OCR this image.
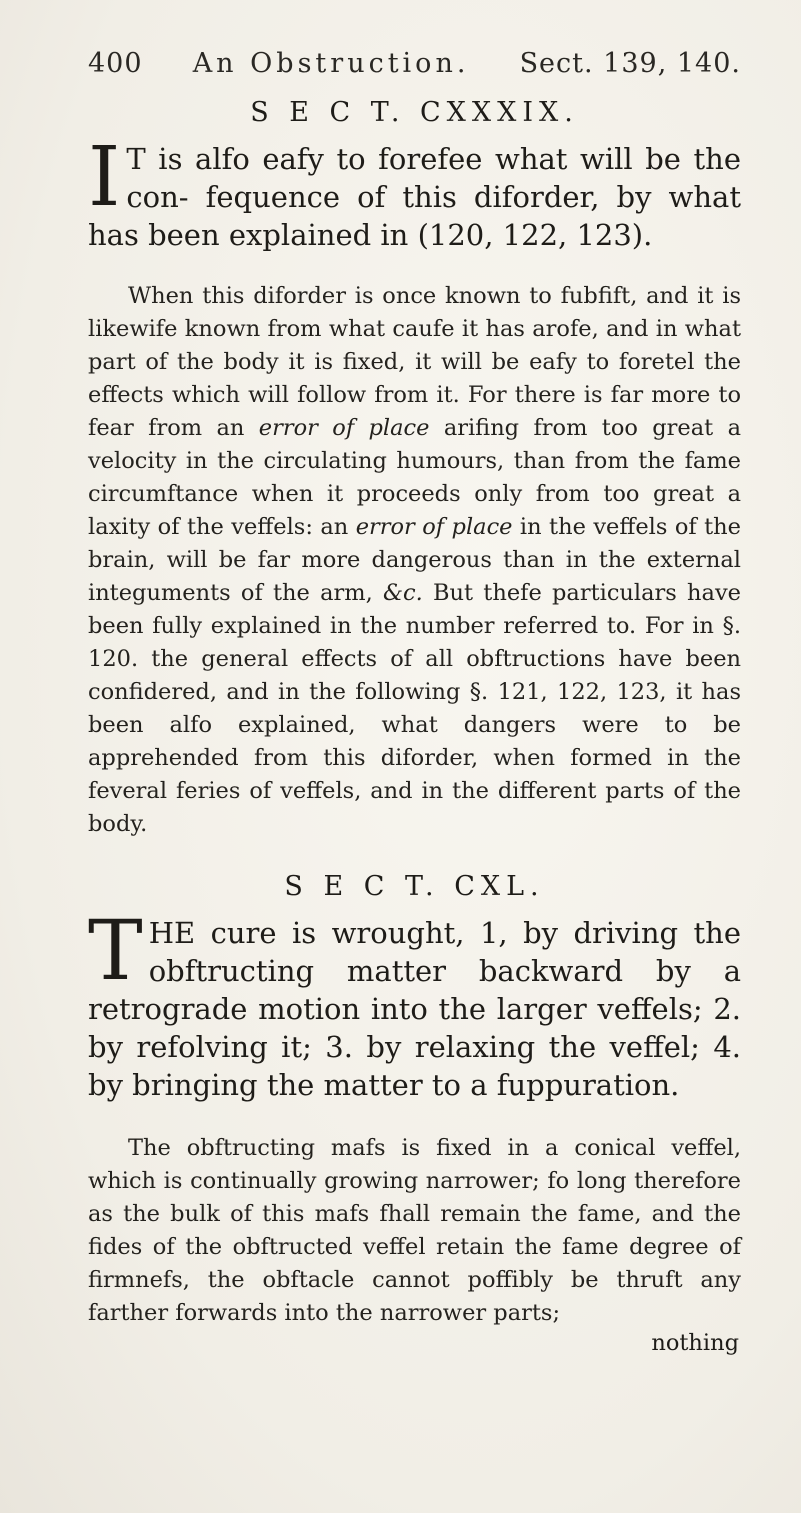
400 An Obstruction. Sect. 139, 140.
S E C T. CXXXIX.

I T is alfo eafy to forefee what will be the con- fequence of this diforder, by what has been explained in (120, 122, 123).

When this diforder is once known to fubfift, and it is likewife known from what caufe it has arofe, and in what part of the body it is fixed, it will be eafy to foretel the effects which will follow from it. For there is far more to fear from an error of place arifing from too great a velocity in the circulating humours, than from the fame circumftance when it proceeds only from too great a laxity of the veffels: an error of place in the veffels of the brain, will be far more dangerous than in the external integuments of the arm, &c. But thefe particulars have been fully explained in the number referred to. For in §. 120. the general effects of all obftructions have been confidered, and in the following §. 121, 122, 123, it has been alfo explained, what dangers were to be apprehended from this diforder, when formed in the feveral feries of veffels, and in the different parts of the body.

S E C T. CXL.

THE cure is wrought, 1, by driving the obftructing matter backward by a retrograde motion into the larger veffels; 2. by refolving it; 3. by relaxing the veffel; 4. by bringing the matter to a fuppuration.

The obftructing mafs is fixed in a conical veffel, which is continually growing narrower; fo long therefore as the bulk of this mafs fhall remain the fame, and the fides of the obftructed veffel retain the fame degree of firmnefs, the obftacle cannot poffibly be thruft any farther forwards into the narrower parts;

nothing
